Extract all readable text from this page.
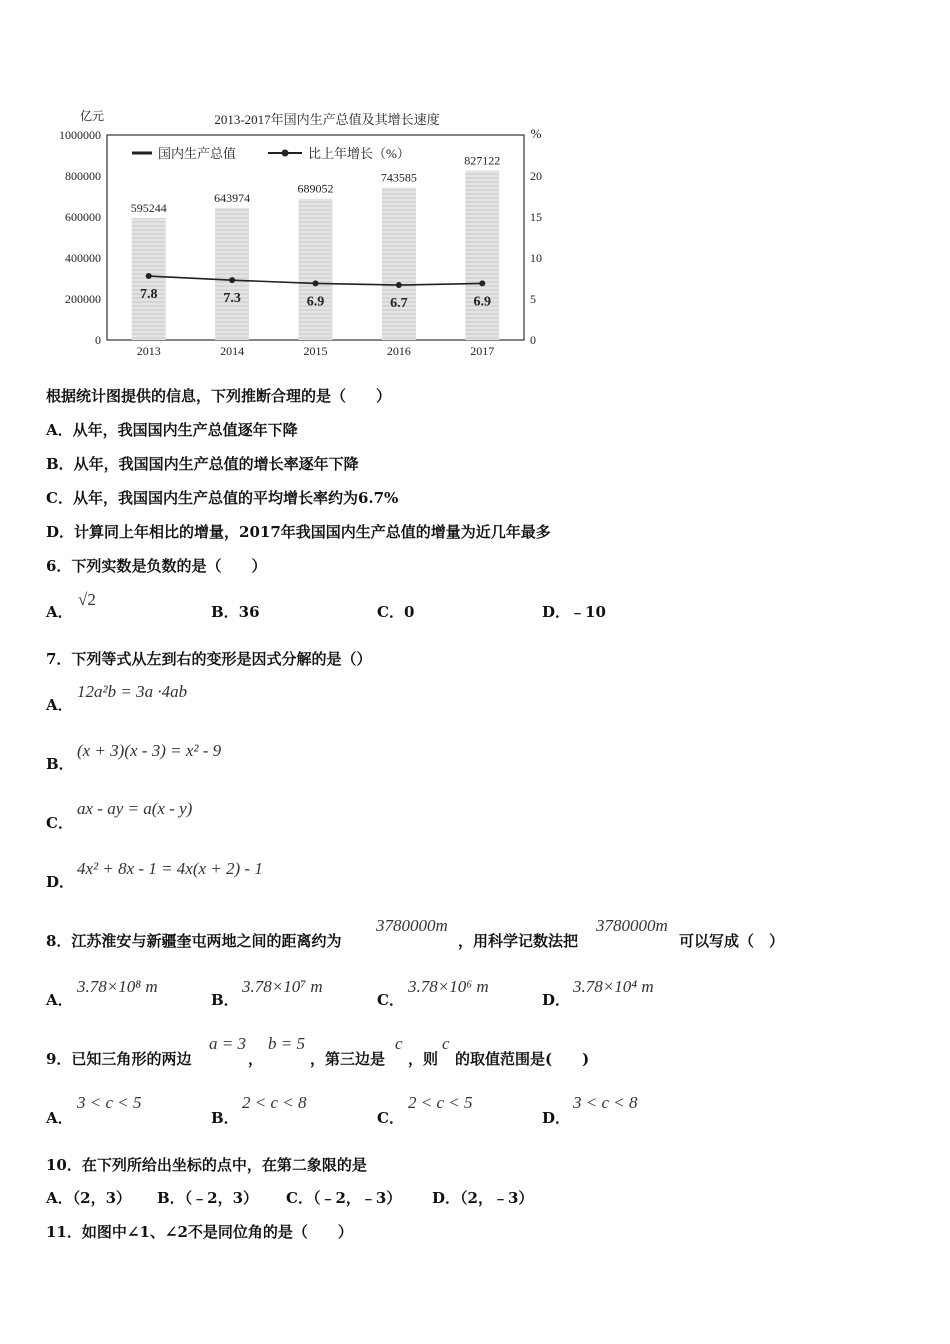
2013-2017年国内生产总值及其增长速度
亿元
%
595244
643974
689052
743585
827122
7.8	7.3	6.9	6.7	6.9
1000000
800000
600000
400000
200000
0
20
15
10
5
0
2013	2014	2015	2016	2017
国内生产总值	比上年增长（%）
根据统计图提供的信息，下列推断合理的是（　　）
A．从年，我国国内生产总值逐年下降
B．从年，我国国内生产总值的增长率逐年下降
C．从年，我国国内生产总值的平均增长率约为6.7%
D．计算同上年相比的增量，2017年我国国内生产总值的增量为近几年最多
6．下列实数是负数的是（　　）
A．
√2
B．36	C．0	D．﹣10
7．下列等式从左到右的变形是因式分解的是（）
A．
12a²b = 3a ·4ab
B．
(x + 3)(x - 3) = x² - 9
C．
ax - ay = a(x - y)
D．
4x² + 8x - 1 = 4x(x + 2) - 1
8．江苏淮安与新疆奎屯两地之间的距离约为
3780000m
，用科学记数法把
3780000m
可以写成（　）
A．
3.78×10⁸ m
B．
3.78×10⁷ m
C．
3.78×10⁶ m
D．
3.78×10⁴ m
9．已知三角形的两边
a = 3
，
b = 5
，第三边是
c
，则
c
的取值范围是(　　)
A．
3 < c < 5
B．
2 < c < 8
C．
2 < c < 5
D．
3 < c < 8
10．在下列所给出坐标的点中，在第二象限的是
A．（2，3） B．（﹣2，3） C．（﹣2，﹣3） D．（2，﹣3）
11．如图中∠1、∠2不是同位角的是（　　）
